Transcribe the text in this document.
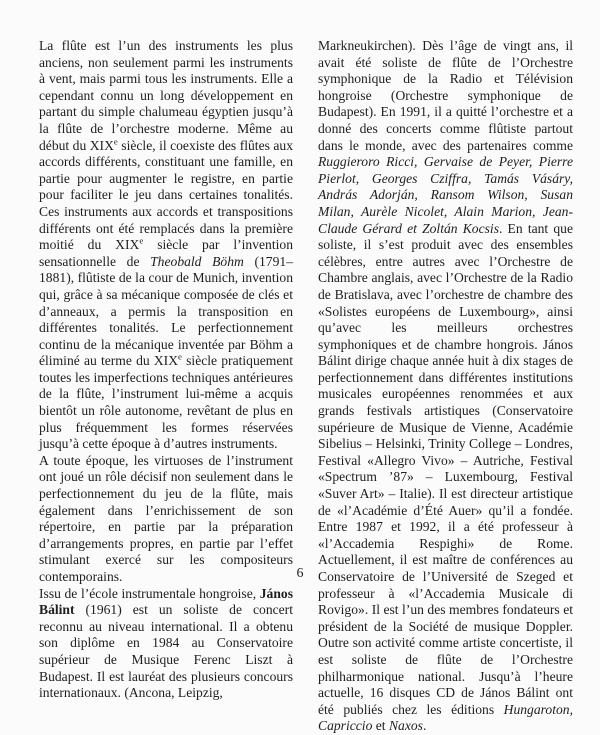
La flûte est l’un des instruments les plus anciens, non seulement parmi les instruments à vent, mais parmi tous les instruments. Elle a cependant connu un long développement en partant du simple chalumeau égyptien jusqu’à la flûte de l’orchestre moderne. Même au début du XIXe siècle, il coexiste des flûtes aux accords différents, constituant une famille, en partie pour augmenter le registre, en partie pour faciliter le jeu dans certaines tonalités. Ces instruments aux accords et transpositions différents ont été remplacés dans la première moitié du XIXe siècle par l’invention sensationnelle de Theobald Böhm (1791–1881), flûtiste de la cour de Munich, invention qui, grâce à sa mécanique composée de clés et d’anneaux, a permis la transposition en différentes tonalités. Le perfectionnement continu de la mécanique inventée par Böhm a éliminé au terme du XIXe siècle pratiquement toutes les imperfections techniques antérieures de la flûte, l’instrument lui-même a acquis bientôt un rôle autonome, revêtant de plus en plus fréquemment les formes réservées jusqu’à cette époque à d’autres instruments.

A toute époque, les virtuoses de l’instrument ont joué un rôle décisif non seulement dans le perfectionnement du jeu de la flûte, mais également dans l’enrichissement de son répertoire, en partie par la préparation d’arrangements propres, en partie par l’effet stimulant exercé sur les compositeurs contemporains.

Issu de l’école instrumentale hongroise, János Bálint (1961) est un soliste de concert reconnu au niveau international. Il a obtenu son diplôme en 1984 au Conservatoire supérieur de Musique Ferenc Liszt à Budapest. Il est lauréat des plusieurs concours internationaux. (Ancona, Leipzig,

Markneukirchen). Dès l’âge de vingt ans, il avait été soliste de flûte de l’Orchestre symphonique de la Radio et Télévision hongroise (Orchestre symphonique de Budapest). En 1991, il a quitté l’orchestre et a donné des concerts comme flûtiste partout dans le monde, avec des partenaires comme Ruggieroro Ricci, Gervaise de Peyer, Pierre Pierlot, Georges Cziffra, Tamás Vásáry, András Adorján, Ransom Wilson, Susan Milan, Aurèle Nicolet, Alain Marion, Jean-Claude Gérard et Zoltán Kocsis. En tant que soliste, il s’est produit avec des ensembles célèbres, entre autres avec l’Orchestre de Chambre anglais, avec l’Orchestre de la Radio de Bratislava, avec l’orchestre de chambre des «Solistes européens de Luxembourg», ainsi qu’avec les meilleurs orchestres symphoniques et de chambre hongrois. János Bálint dirige chaque année huit à dix stages de perfectionnement dans différentes institutions musicales européennes renommées et aux grands festivals artistiques (Conservatoire supérieure de Musique de Vienne, Académie Sibelius – Helsinki, Trinity College – Londres, Festival «Allegro Vivo» – Autriche, Festival «Spectrum ’87» – Luxembourg, Festival «Suver Art» – Italie). Il est directeur artistique de «l’Académie d’Été Auer» qu’il a fondée. Entre 1987 et 1992, il a été professeur à «l’Accademia Respighi» de Rome. Actuellement, il est maître de conférences au Conservatoire de l’Université de Szeged et professeur à «l’Accademia Musicale di Rovigo». Il est l’un des membres fondateurs et président de la Société de musique Doppler. Outre son activité comme artiste concertiste, il est soliste de flûte de l’Orchestre philharmonique national. Jusqu’à l’heure actuelle, 16 disques CD de János Bálint ont été publiés chez les éditions Hungaroton, Capriccio et Naxos.

6
